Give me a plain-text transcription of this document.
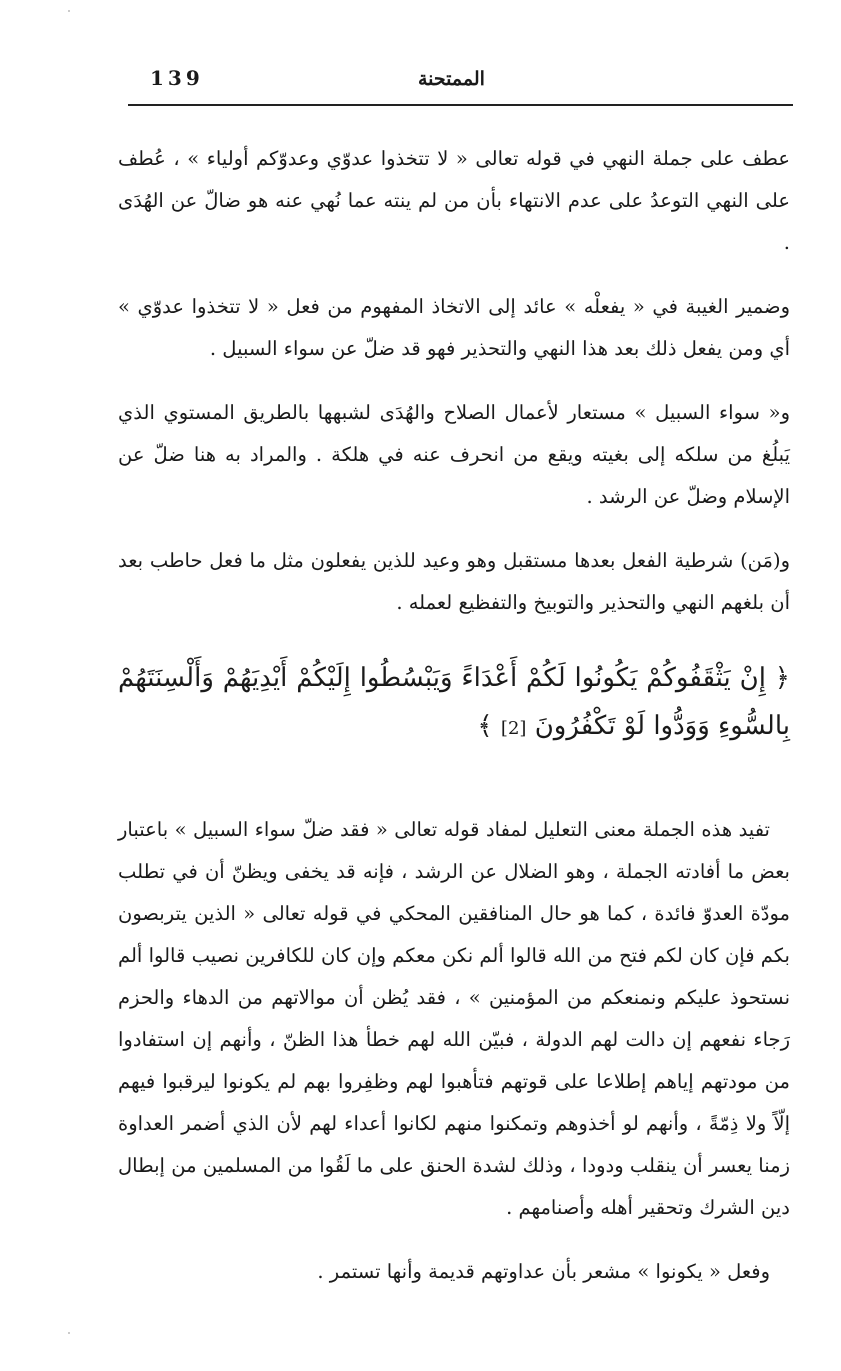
139	الممتحنة

عطف على جملة النهي في قوله تعالى « لا تتخذوا عدوّي وعدوّكم أولياء » ، عُطف على النهي التوعدُ على عدم الانتهاء بأن من لم ينته عما نُهي عنه هو ضالّ عن الهُدَى .

وضمير الغيبة في « يفعلْه » عائد إلى الاتخاذ المفهوم من فعل « لا تتخذوا عدوّي » أي ومن يفعل ذلك بعد هذا النهي والتحذير فهو قد ضلّ عن سواء السبيل .

و« سواء السبيل » مستعار لأعمال الصلاح والهُدَى لشبهها بالطريق المستوي الذي يَبلُغ من سلكه إلى بغيته ويقع من انحرف عنه في هلكة . والمراد به هنا ضلّ عن الإسلام وضلّ عن الرشد .

و(مَن) شرطية الفعل بعدها مستقبل وهو وعيد للذين يفعلون مثل ما فعل حاطب بعد أن بلغهم النهي والتحذير والتوبيخ والتفظيع لعمله .

﴿ إِنْ يَثْقَفُوكُمْ يَكُونُوا لَكُمْ أَعْدَاءً وَيَبْسُطُوا إِلَيْكُمْ أَيْدِيَهُمْ وَأَلْسِنَتَهُمْ بِالسُّوءِ وَوَدُّوا لَوْ تَكْفُرُونَ [2] ﴾

تفيد هذه الجملة معنى التعليل لمفاد قوله تعالى « فقد ضلّ سواء السبيل » باعتبار بعض ما أفادته الجملة ، وهو الضلال عن الرشد ، فإنه قد يخفى ويظنّ أن في تطلب مودّة العدوّ فائدة ، كما هو حال المنافقين المحكي في قوله تعالى « الذين يتربصون بكم فإن كان لكم فتح من الله قالوا ألم نكن معكم وإن كان للكافرين نصيب قالوا ألم نستحوذ عليكم ونمنعكم من المؤمنين » ، فقد يُظن أن موالاتهم من الدهاء والحزم رَجاء نفعهم إن دالت لهم الدولة ، فبيّن الله لهم خطأ هذا الظنّ ، وأنهم إن استفادوا من مودتهم إياهم إطلاعا على قوتهم فتأهبوا لهم وظفِروا بهم لم يكونوا ليرقبوا فيهم إلّاً ولا ذِمّةً ، وأنهم لو أخذوهم وتمكنوا منهم لكانوا أعداء لهم لأن الذي أضمر العداوة زمنا يعسر أن ينقلب ودودا ، وذلك لشدة الحنق على ما لَقُوا من المسلمين من إبطال دين الشرك وتحقير أهله وأصنامهم .

وفعل « يكونوا » مشعر بأن عداوتهم قديمة وأنها تستمر .
